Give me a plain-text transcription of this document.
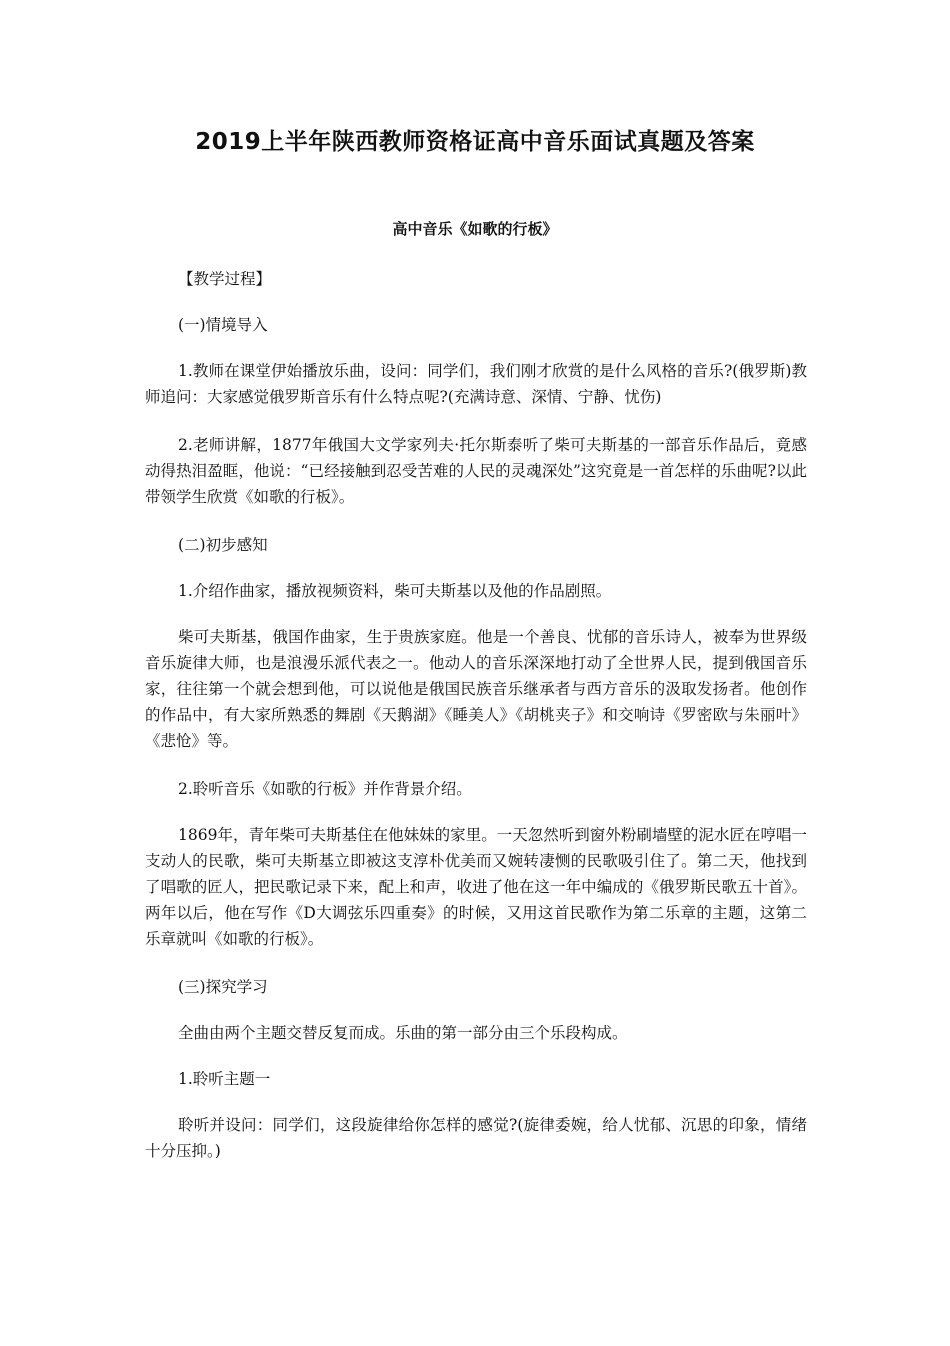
2019上半年陕西教师资格证高中音乐面试真题及答案
高中音乐《如歌的行板》

【教学过程】

(一)情境导入

1.教师在课堂伊始播放乐曲，设问：同学们，我们刚才欣赏的是什么风格的音乐?(俄罗斯)教师追问：大家感觉俄罗斯音乐有什么特点呢?(充满诗意、深情、宁静、忧伤)

2.老师讲解，1877年俄国大文学家列夫·托尔斯泰听了柴可夫斯基的一部音乐作品后，竟感动得热泪盈眶，他说：“已经接触到忍受苦难的人民的灵魂深处”这究竟是一首怎样的乐曲呢?以此带领学生欣赏《如歌的行板》。

(二)初步感知

1.介绍作曲家，播放视频资料，柴可夫斯基以及他的作品剧照。

柴可夫斯基，俄国作曲家，生于贵族家庭。他是一个善良、忧郁的音乐诗人，被奉为世界级音乐旋律大师，也是浪漫乐派代表之一。他动人的音乐深深地打动了全世界人民，提到俄国音乐家，往往第一个就会想到他，可以说他是俄国民族音乐继承者与西方音乐的汲取发扬者。他创作的作品中，有大家所熟悉的舞剧《天鹅湖》《睡美人》《胡桃夹子》和交响诗《罗密欧与朱丽叶》《悲怆》等。

2.聆听音乐《如歌的行板》并作背景介绍。

1869年，青年柴可夫斯基住在他妹妹的家里。一天忽然听到窗外粉刷墙壁的泥水匠在哼唱一支动人的民歌，柴可夫斯基立即被这支淳朴优美而又婉转凄恻的民歌吸引住了。第二天，他找到了唱歌的匠人，把民歌记录下来，配上和声，收进了他在这一年中编成的《俄罗斯民歌五十首》。两年以后，他在写作《D大调弦乐四重奏》的时候，又用这首民歌作为第二乐章的主题，这第二乐章就叫《如歌的行板》。

(三)探究学习

全曲由两个主题交替反复而成。乐曲的第一部分由三个乐段构成。

1.聆听主题一

聆听并设问：同学们，这段旋律给你怎样的感觉?(旋律委婉，给人忧郁、沉思的印象，情绪十分压抑。)
